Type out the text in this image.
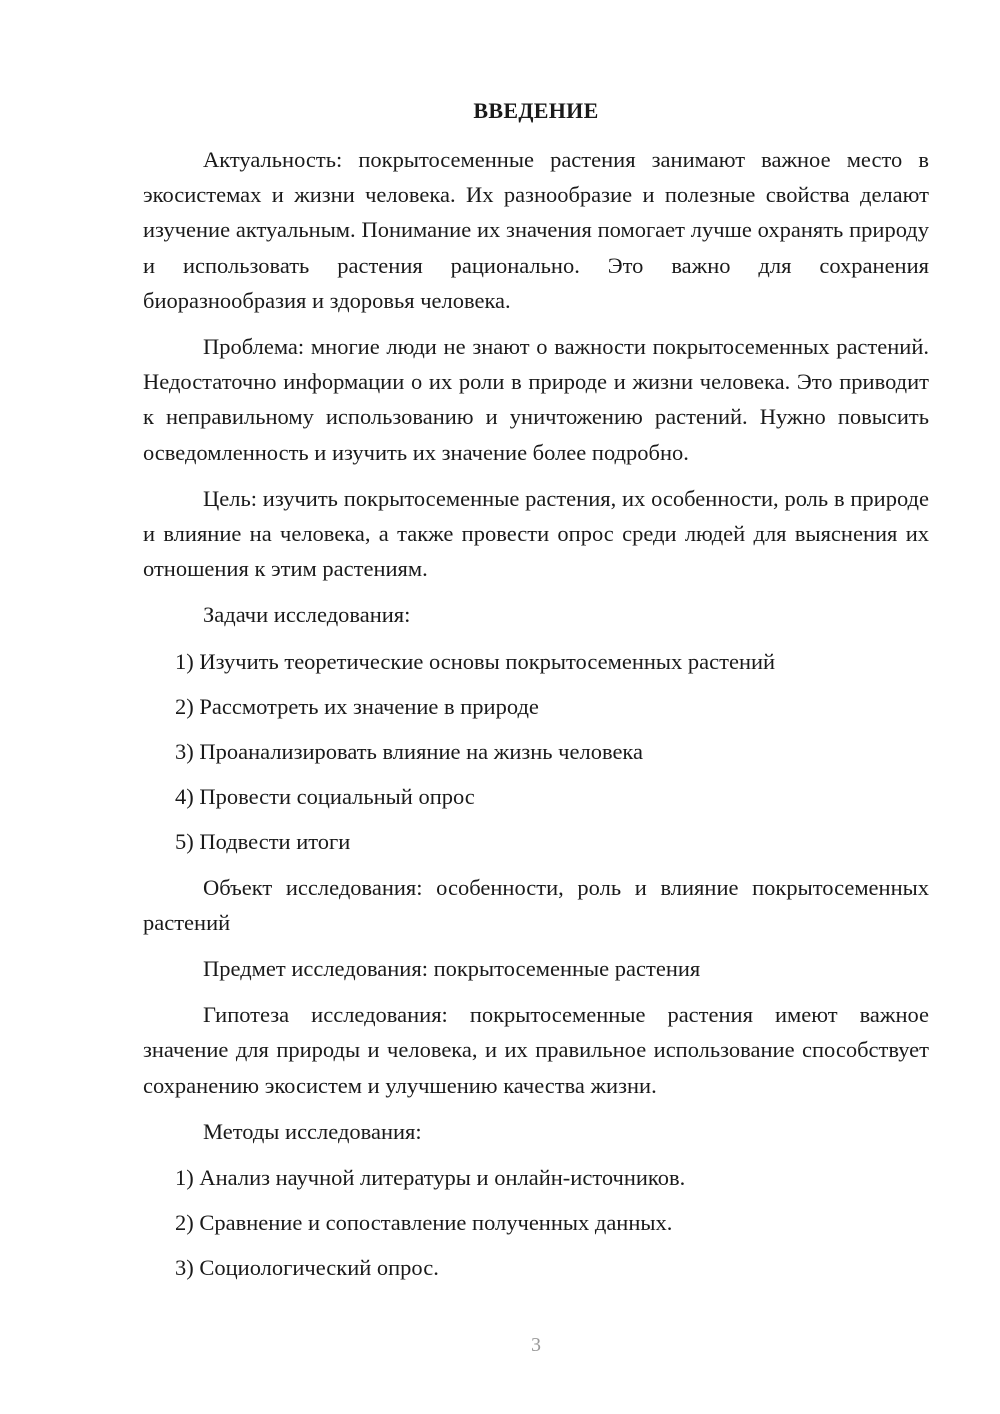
ВВЕДЕНИЕ

Актуальность: покрытосеменные растения занимают важное место в экосистемах и жизни человека. Их разнообразие и полезные свойства делают изучение актуальным. Понимание их значения помогает лучше охранять природу и использовать растения рационально. Это важно для сохранения биоразнообразия и здоровья человека.

Проблема: многие люди не знают о важности покрытосеменных растений. Недостаточно информации о их роли в природе и жизни человека. Это приводит к неправильному использованию и уничтожению растений. Нужно повысить осведомленность и изучить их значение более подробно.

Цель: изучить покрытосеменные растения, их особенности, роль в природе и влияние на человека, а также провести опрос среди людей для выяснения их отношения к этим растениям.

Задачи исследования:

1) Изучить теоретические основы покрытосеменных растений
2) Рассмотреть их значение в природе
3) Проанализировать влияние на жизнь человека
4) Провести социальный опрос
5) Подвести итоги

Объект исследования: особенности, роль и влияние покрытосеменных растений

Предмет исследования: покрытосеменные растения

Гипотеза исследования: покрытосеменные растения имеют важное значение для природы и человека, и их правильное использование способствует сохранению экосистем и улучшению качества жизни.

Методы исследования:

1) Анализ научной литературы и онлайн-источников.
2) Сравнение и сопоставление полученных данных.
3) Социологический опрос.
3
